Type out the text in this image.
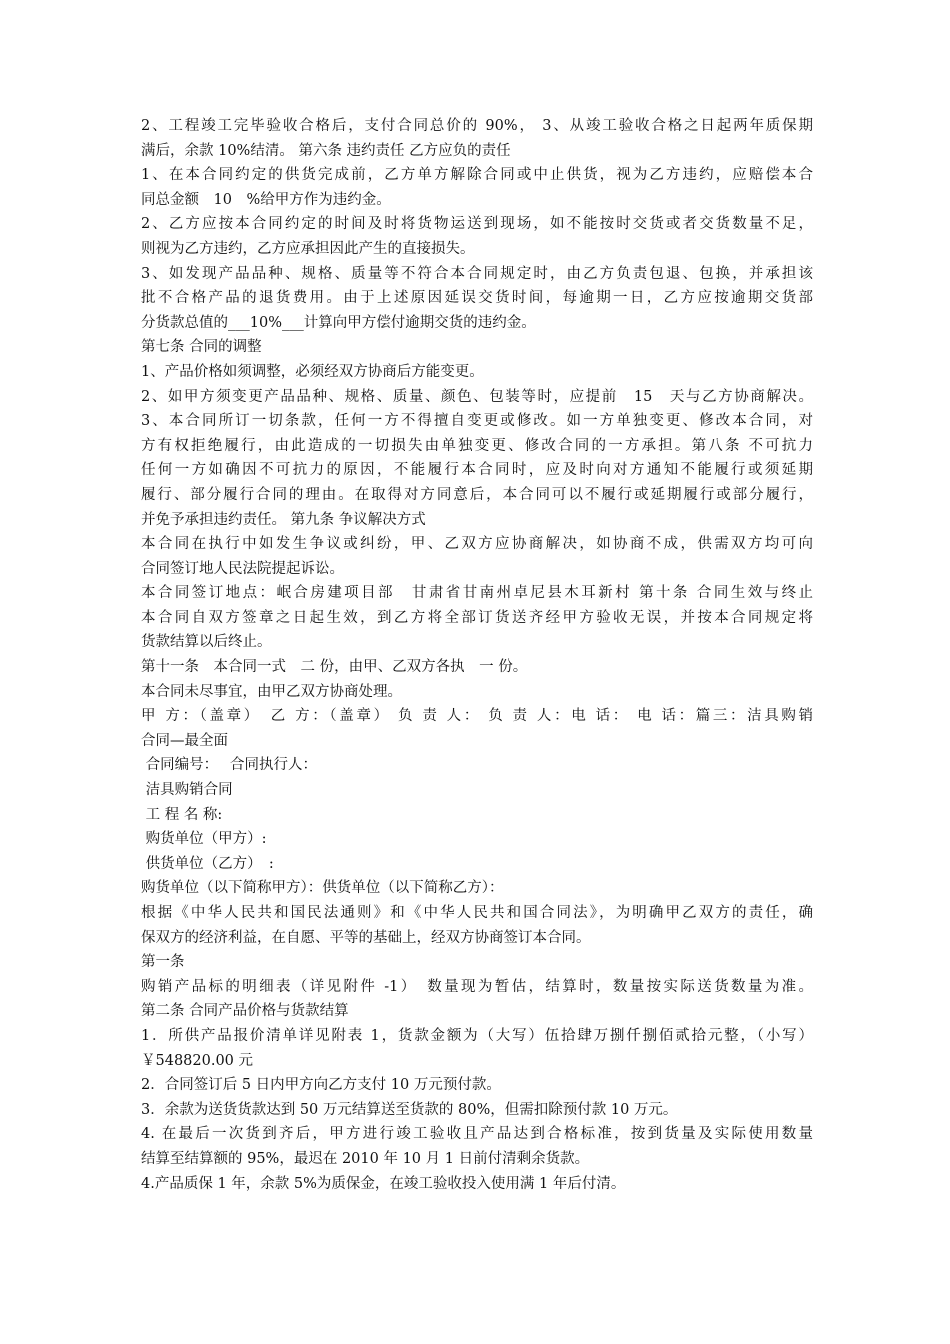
2、工程竣工完毕验收合格后，支付合同总价的 90%， 3、从竣工验收合格之日起两年质保期
满后，余款 10%结清。 第六条 违约责任 乙方应负的责任
1、在本合同约定的供货完成前，乙方单方解除合同或中止供货，视为乙方违约，应赔偿本合
同总金额　10　%给甲方作为违约金。
2、乙方应按本合同约定的时间及时将货物运送到现场，如不能按时交货或者交货数量不足，
则视为乙方违约，乙方应承担因此产生的直接损失。
3、如发现产品品种、规格、质量等不符合本合同规定时，由乙方负责包退、包换，并承担该
批不合格产品的退货费用。由于上述原因延误交货时间，每逾期一日，乙方应按逾期交货部
分货款总值的___10%___计算向甲方偿付逾期交货的违约金。
第七条 合同的调整
1、产品价格如须调整，必须经双方协商后方能变更。
2、如甲方须变更产品品种、规格、质量、颜色、包装等时，应提前　15　天与乙方协商解决。
3、本合同所订一切条款，任何一方不得擅自变更或修改。如一方单独变更、修改本合同，对
方有权拒绝履行，由此造成的一切损失由单独变更、修改合同的一方承担。第八条 不可抗力
任何一方如确因不可抗力的原因，不能履行本合同时，应及时向对方通知不能履行或须延期
履行、部分履行合同的理由。在取得对方同意后，本合同可以不履行或延期履行或部分履行，
并免予承担违约责任。 第九条 争议解决方式
本合同在执行中如发生争议或纠纷，甲、乙双方应协商解决，如协商不成，供需双方均可向
合同签订地人民法院提起诉讼。
本合同签订地点：岷合房建项目部　甘肃省甘南州卓尼县木耳新村 第十条 合同生效与终止
本合同自双方签章之日起生效，到乙方将全部订货送齐经甲方验收无误，并按本合同规定将
货款结算以后终止。
第十一条　本合同一式　二 份，由甲、乙双方各执　一 份。
本合同未尽事宜，由甲乙双方协商处理。
甲 方：（盖章）　乙 方：（盖章） 负 责 人： 负 责 人：电 话： 电 话：篇三：洁具购销
合同—最全面
合同编号：　 合同执行人：
洁具购销合同
工 程 名 称:
购货单位（甲方）:
供货单位（乙方）　:
购货单位（以下简称甲方）：供货单位（以下简称乙方）：
根据《中华人民共和国民法通则》和《中华人民共和国合同法》，为明确甲乙双方的责任，确
保双方的经济利益，在自愿、平等的基础上，经双方协商签订本合同。
第一条
购销产品标的明细表（详见附件 -1）　数量现为暂估，结算时，数量按实际送货数量为准。
第二条 合同产品价格与货款结算
1．所供产品报价清单详见附表 1，货款金额为（大写）伍拾肆万捌仟捌佰贰拾元整，（小写）
￥548820.00 元
2．合同签订后 5 日内甲方向乙方支付 10 万元预付款。
3．余款为送货货款达到 50 万元结算送至货款的 80%，但需扣除预付款 10 万元。
4. 在最后一次货到齐后，甲方进行竣工验收且产品达到合格标准，按到货量及实际使用数量
结算至结算额的 95%，最迟在 2010 年 10 月 1 日前付清剩余货款。
4.产品质保 1 年，余款 5%为质保金，在竣工验收投入使用满 1 年后付清。
